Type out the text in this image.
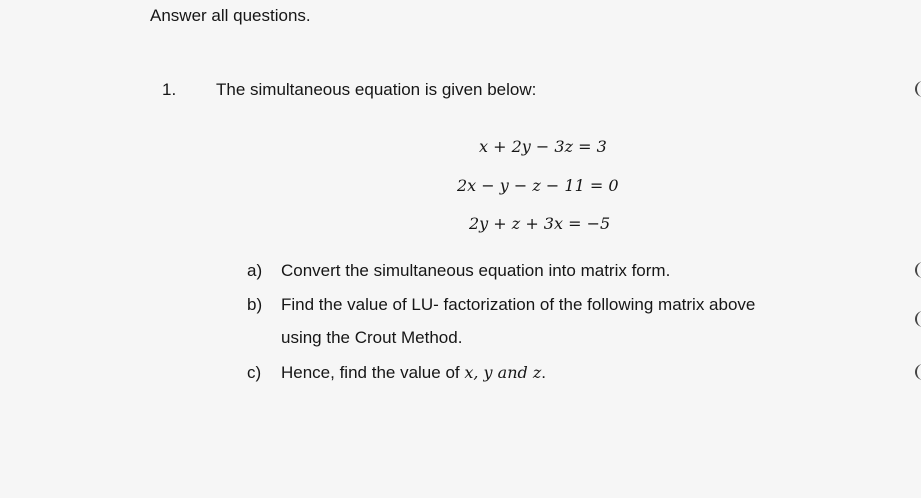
Answer all questions.
1. The simultaneous equation is given below:
x + 2y − 3z = 3
2x − y − z − 11 = 0
2y + z + 3x = −5
a) Convert the simultaneous equation into matrix form.
b) Find the value of LU- factorization of the following matrix above
using the Crout Method.
c) Hence, find the value of x, y and z.
